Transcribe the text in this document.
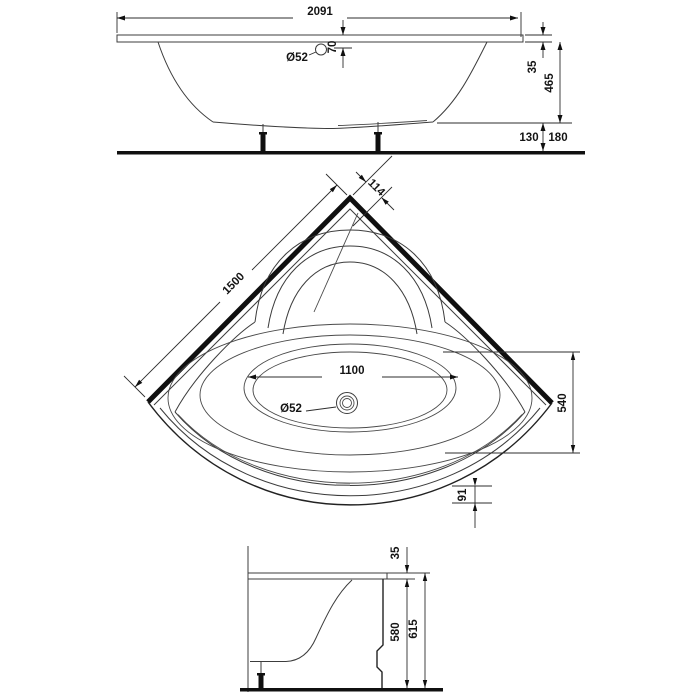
2091
Ø52
70
35
465
130 180
Ø52
1500
114
1100
540
91
35
580 615
